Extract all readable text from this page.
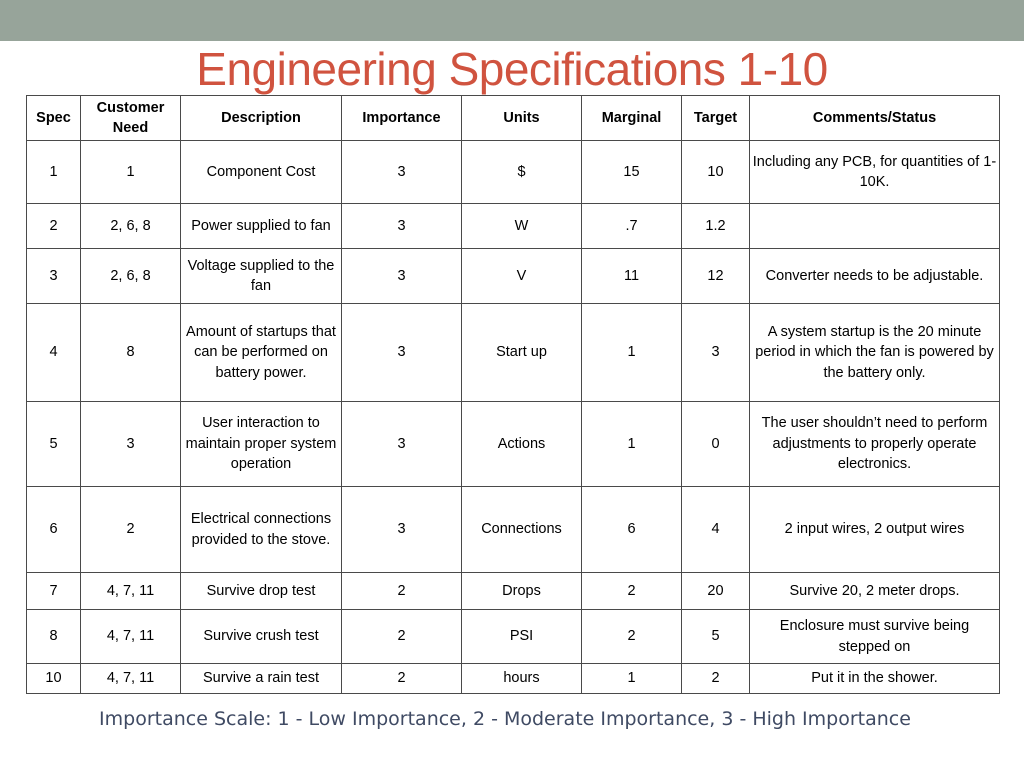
Engineering Specifications 1-10
Spec	Customer Need	Description	Importance	Units	Marginal	Target	Comments/Status
1	1	Component Cost	3	$	15	10	Including any PCB, for quantities of 1-10K.
2	2, 6, 8	Power supplied to fan	3	W	.7	1.2	
3	2, 6, 8	Voltage supplied to the fan	3	V	11	12	Converter needs to be adjustable.
4	8	Amount of startups that can be performed on battery power.	3	Start up	1	3	A system startup is the 20 minute period in which the fan is powered by the battery only.
5	3	User interaction to maintain proper system operation	3	Actions	1	0	The user shouldn’t need to perform adjustments to properly operate electronics.
6	2	Electrical connections provided to the stove.	3	Connections	6	4	2 input wires, 2 output wires
7	4, 7, 11	Survive drop test	2	Drops	2	20	Survive 20, 2 meter drops.
8	4, 7, 11	Survive crush test	2	PSI	2	5	Enclosure must survive being stepped on
10	4, 7, 11	Survive a rain test	2	hours	1	2	Put it in the shower.
Importance Scale: 1 - Low Importance, 2 - Moderate Importance, 3 - High Importance
